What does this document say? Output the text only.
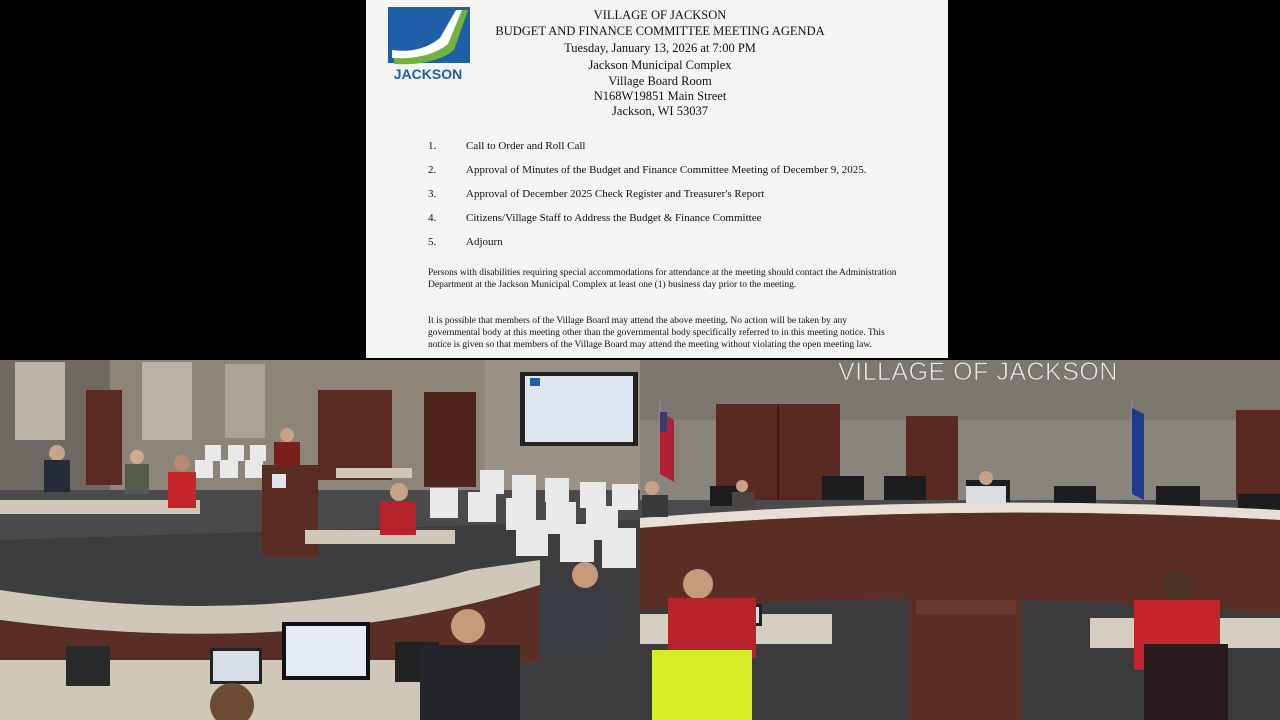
JACKSON
VILLAGE OF JACKSON
BUDGET AND FINANCE COMMITTEE MEETING AGENDA
Tuesday, January 13, 2026 at 7:00 PM
Jackson Municipal Complex
Village Board Room
N168W19851 Main Street
Jackson, WI 53037
1.	Call to Order and Roll Call
2.	Approval of Minutes of the Budget and Finance Committee Meeting of December 9, 2025.
3.	Approval of December 2025 Check Register and Treasurer's Report
4.	Citizens/Village Staff to Address the Budget & Finance Committee
5.	Adjourn
Persons with disabilities requiring special accommodations for attendance at the meeting should contact the Administration Department at the Jackson Municipal Complex at least one (1) business day prior to the meeting.
It is possible that members of the Village Board may attend the above meeting. No action will be taken by any governmental body at this meeting other than the governmental body specifically referred to in this meeting notice. This notice is given so that members of the Village Board may attend the meeting without violating the open meeting law.
VILLAGE OF JACKSON
